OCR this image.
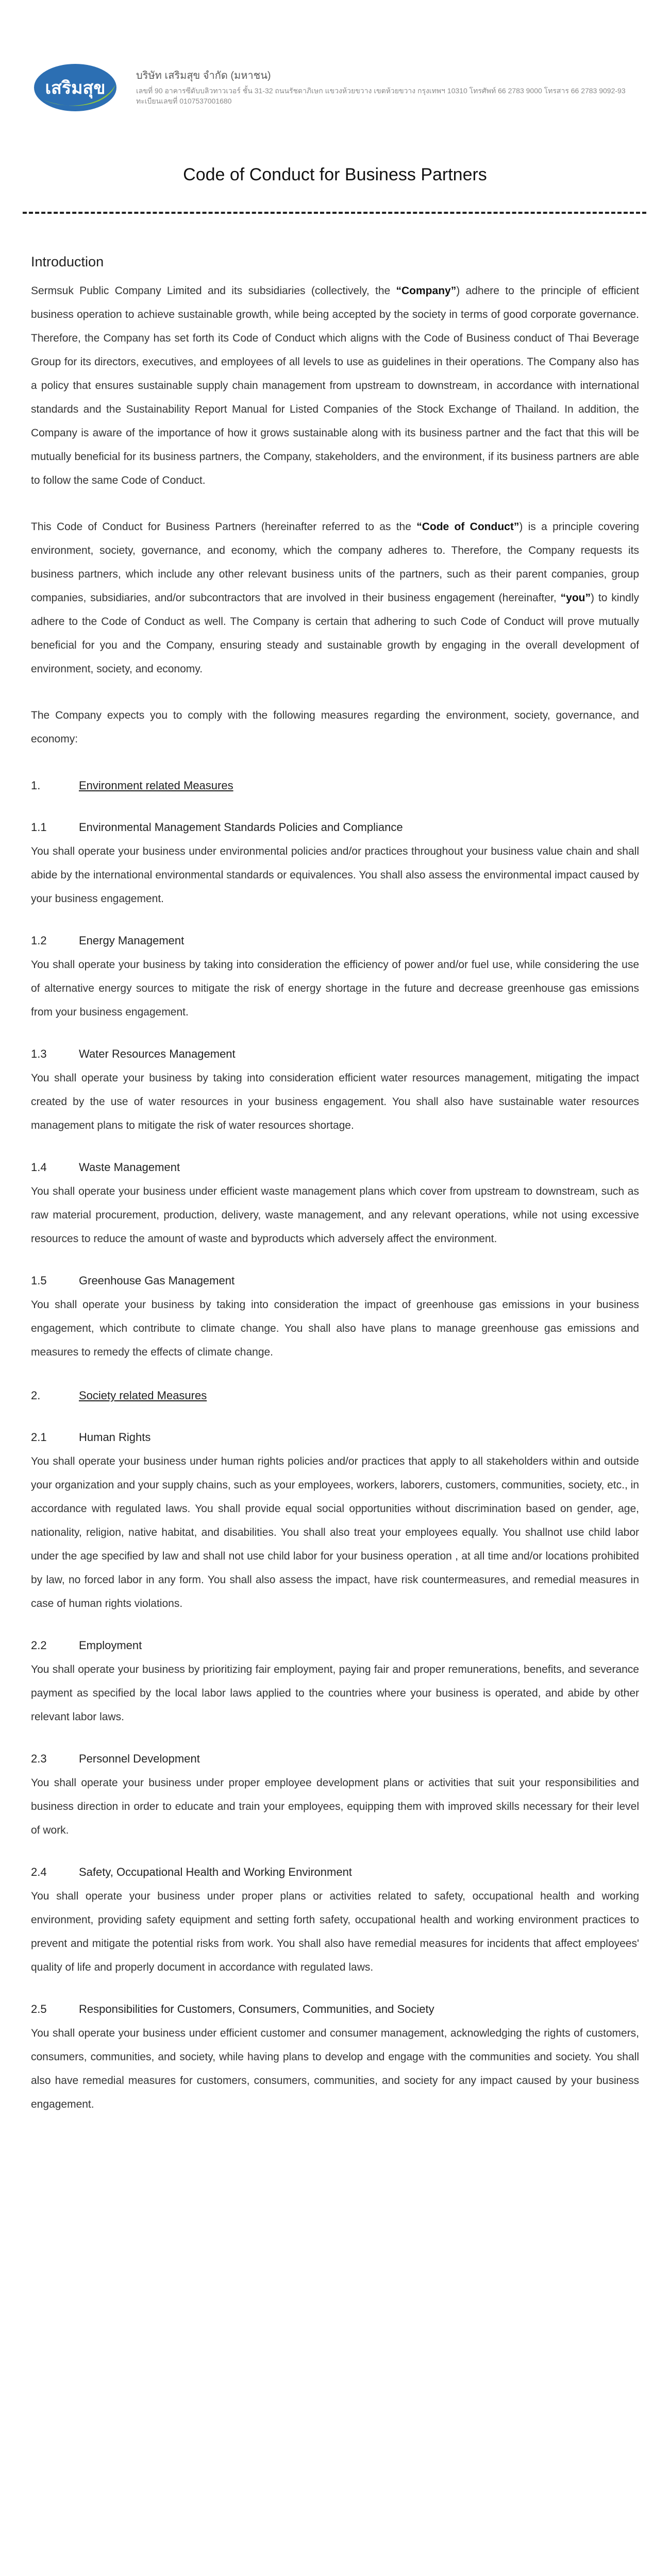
เสริมสุข
บริษัท เสริมสุข จำกัด (มหาชน)
เลขที่ 90 อาคารซีดับบลิวทาวเวอร์ ชั้น 31-32 ถนนรัชดาภิเษก แขวงห้วยขวาง เขตห้วยขวาง กรุงเทพฯ 10310 โทรศัพท์ 66 2783 9000 โทรสาร 66 2783 9092-93
ทะเบียนเลขที่ 0107537001680
Code of Conduct for Business Partners
Introduction

Sermsuk Public Company Limited and its subsidiaries (collectively, the “Company”) adhere to the principle of efficient business operation to achieve sustainable growth, while being accepted by the society in terms of good corporate governance. Therefore, the Company has set forth its Code of Conduct which aligns with the Code of Business conduct of Thai Beverage Group for its directors, executives, and employees of all levels to use as guidelines in their operations. The Company also has a policy that ensures sustainable supply chain management from upstream to downstream, in accordance with international standards and the Sustainability Report Manual for Listed Companies of the Stock Exchange of Thailand. In addition, the Company is aware of the importance of how it grows sustainable along with its business partner and the fact that this will be mutually beneficial for its business partners, the Company, stakeholders, and the environment, if its business partners are able to follow the same Code of Conduct.

This Code of Conduct for Business Partners (hereinafter referred to as the “Code of Conduct”) is a principle covering environment, society, governance, and economy, which the company adheres to. Therefore, the Company requests its business partners, which include any other relevant business units of the partners, such as their parent companies, group companies, subsidiaries, and/or subcontractors that are involved in their business engagement (hereinafter, “you”) to kindly adhere to the Code of Conduct as well. The Company is certain that adhering to such Code of Conduct will prove mutually beneficial for you and the Company, ensuring steady and sustainable growth by engaging in the overall development of environment, society, and economy.

The Company expects you to comply with the following measures regarding the environment, society, governance, and economy:

1.	Environment related Measures
1.1	Environmental Management Standards Policies and Compliance

You shall operate your business under environmental policies and/or practices throughout your business value chain and shall abide by the international environmental standards or equivalences. You shall also assess the environmental impact caused by your business engagement.

1.2	Energy Management

You shall operate your business by taking into consideration the efficiency of power and/or fuel use, while considering the use of alternative energy sources to mitigate the risk of energy shortage in the future and decrease greenhouse gas emissions from your business engagement.

1.3	Water Resources Management

You shall operate your business by taking into consideration efficient water resources management, mitigating the impact created by the use of water resources in your business engagement. You shall also have sustainable water resources management plans to mitigate the risk of water resources shortage.

1.4	Waste Management

You shall operate your business under efficient waste management plans which cover from upstream to downstream, such as raw material procurement, production, delivery, waste management, and any relevant operations, while not using excessive resources to reduce the amount of waste and byproducts which adversely affect the environment.

1.5	Greenhouse Gas Management

You shall operate your business by taking into consideration the impact of greenhouse gas emissions in your business engagement, which contribute to climate change. You shall also have plans to manage greenhouse gas emissions and measures to remedy the effects of climate change.

2.	Society related Measures
2.1	Human Rights

You shall operate your business under human rights policies and/or practices that apply to all stakeholders within and outside your organization and your supply chains, such as your employees, workers, laborers, customers, communities, society, etc., in accordance with regulated laws. You shall provide equal social opportunities without discrimination based on gender, age, nationality, religion, native habitat, and disabilities. You shall also treat your employees equally. You shallnot use child labor under the age specified by law and shall not use child labor for your business operation , at all time and/or locations prohibited by law, no forced labor in any form. You shall also assess the impact, have risk countermeasures, and remedial measures in case of human rights violations.

2.2	Employment

You shall operate your business by prioritizing fair employment, paying fair and proper remunerations, benefits, and severance payment as specified by the local labor laws applied to the countries where your business is operated, and abide by other relevant labor laws.

2.3	Personnel Development

You shall operate your business under proper employee development plans or activities that suit your responsibilities and business direction in order to educate and train your employees, equipping them with improved skills necessary for their level of work.

2.4	Safety, Occupational Health and Working Environment

You shall operate your business under proper plans or activities related to safety, occupational health and working environment, providing safety equipment and setting forth safety, occupational health and working environment practices to prevent and mitigate the potential risks from work. You shall also have remedial measures for incidents that affect employees' quality of life and properly document in accordance with regulated laws.

2.5	Responsibilities for Customers, Consumers, Communities, and Society

You shall operate your business under efficient customer and consumer management, acknowledging the rights of customers, consumers, communities, and society, while having plans to develop and engage with the communities and society. You shall also have remedial measures for customers, consumers, communities, and society for any impact caused by your business engagement.
